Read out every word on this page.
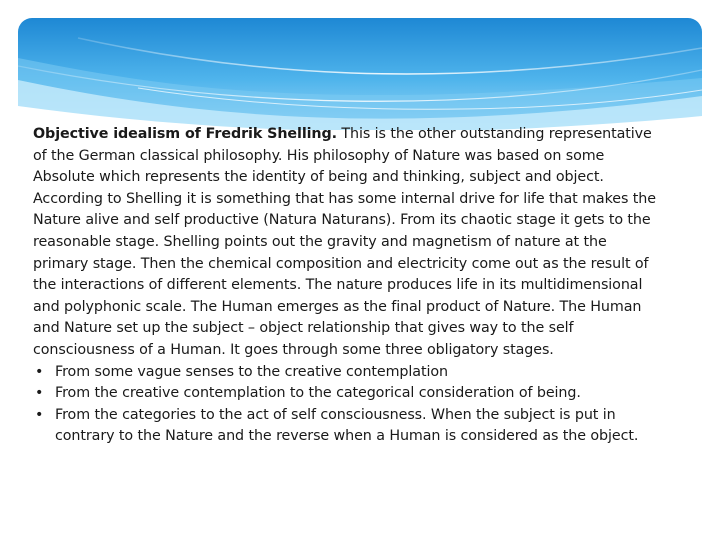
Objective idealism of Fredrik Shelling. This is the other outstanding representative of the German classical philosophy. His philosophy of Nature was based on some Absolute which represents the identity of being and thinking, subject and object. According to Shelling it is something that has some internal drive for life that makes the Nature alive and self productive (Natura Naturans). From its chaotic stage it gets to the reasonable stage. Shelling points out the gravity and magnetism of nature at the primary stage. Then the chemical composition and electricity come out as the result of the interactions of different elements. The nature produces life in its multidimensional and polyphonic scale. The Human emerges as the final product of Nature. The Human and Nature set up the subject – object relationship that gives way to the self consciousness of a Human. It goes through some three obligatory stages.

• From some vague senses to the creative contemplation
• From the creative contemplation to the categorical consideration of being.
• From the categories to the act of self consciousness. When the subject is put in contrary to the Nature and the reverse when a Human is considered as the object.
